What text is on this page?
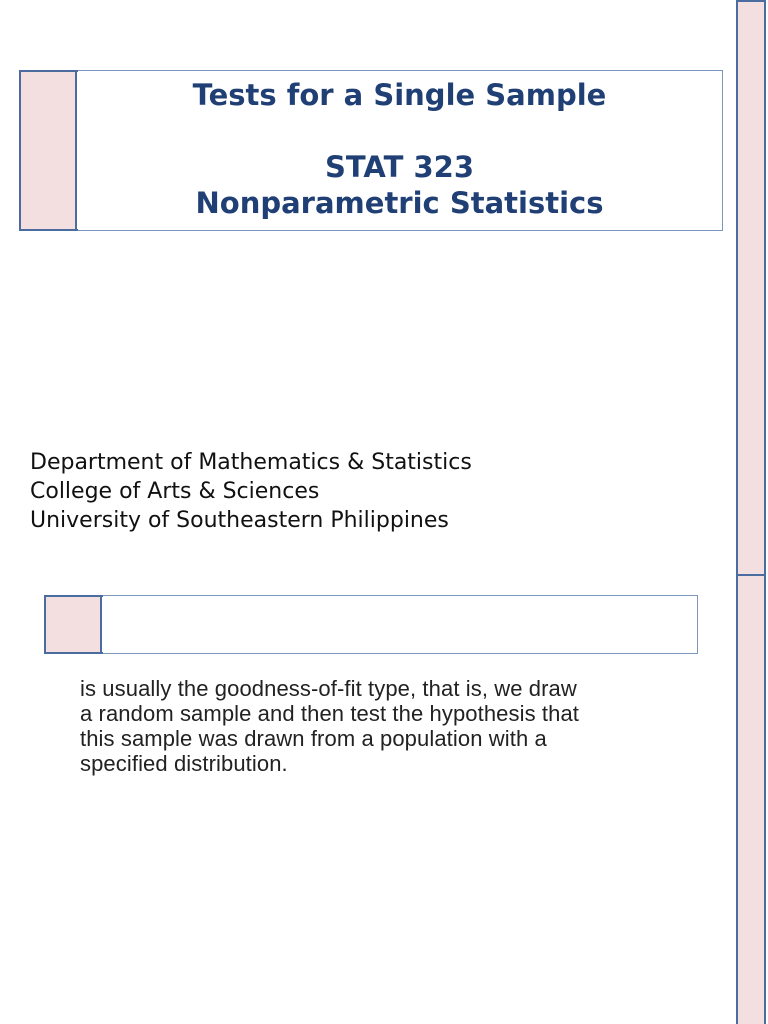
Tests for a Single Sample
STAT 323
Nonparametric Statistics
Department of Mathematics & Statistics
College of Arts & Sciences
University of Southeastern Philippines
is usually the goodness-of-fit type, that is, we draw
a random sample and then test the hypothesis that
this sample was drawn from a population with a
specified distribution.
